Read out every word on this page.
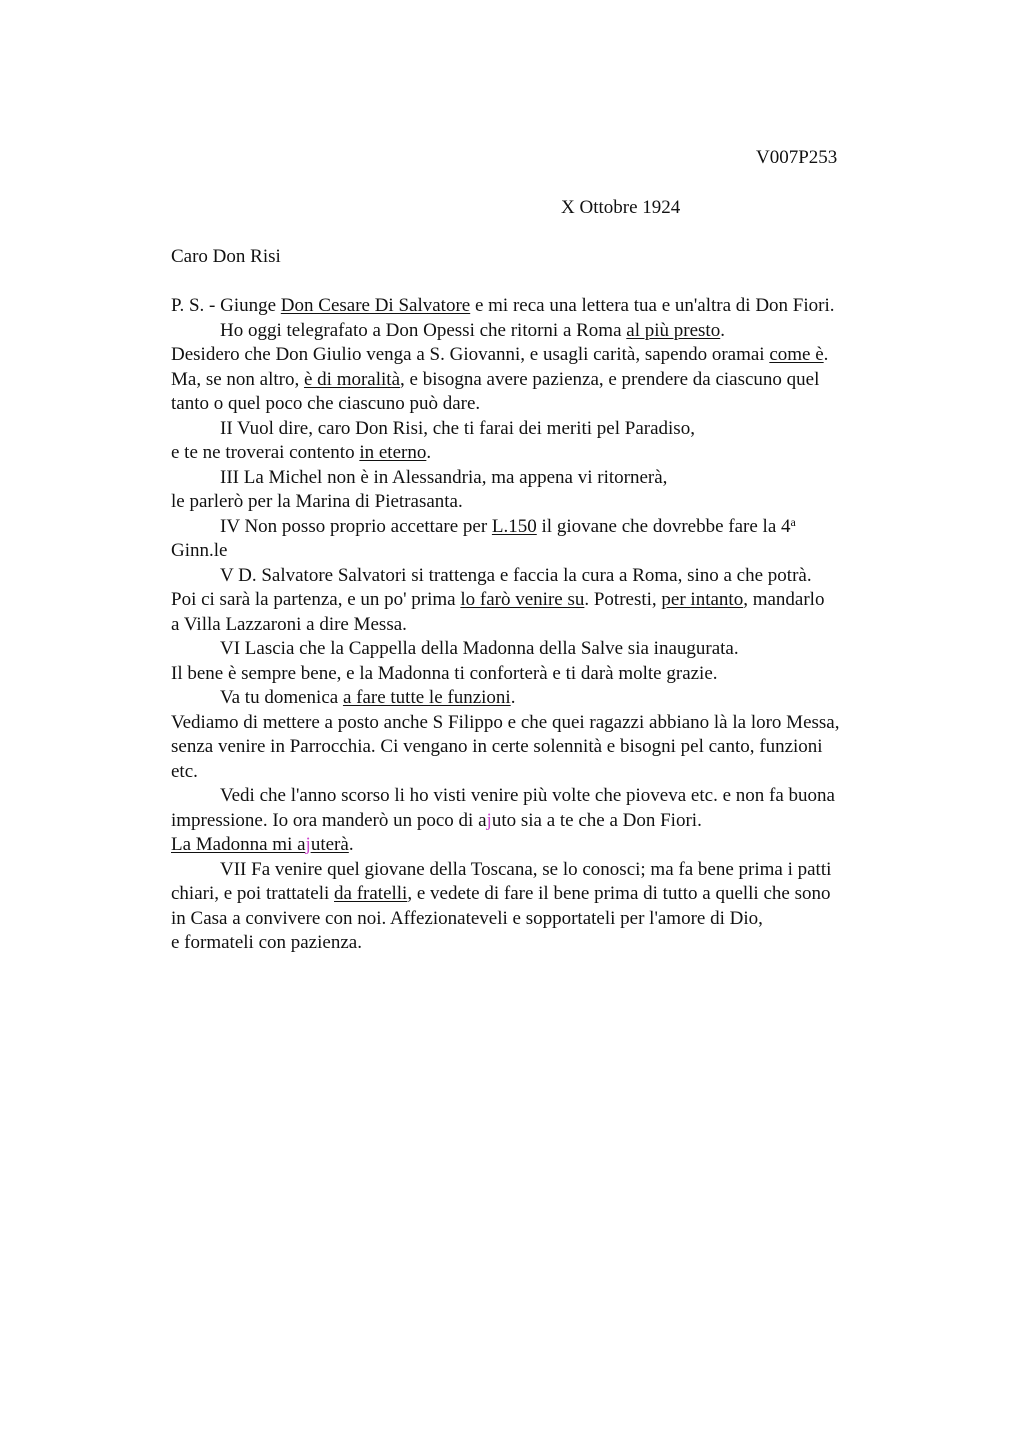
V007P253
X Ottobre 1924
Caro Don Risi
P. S. - Giunge Don Cesare Di Salvatore e mi reca una lettera tua e un'altra di Don Fiori.
Ho oggi telegrafato a Don Opessi che ritorni a Roma al più presto.
Desidero che Don Giulio venga a S. Giovanni, e usagli carità, sapendo oramai come è.
Ma, se non altro, è di moralità, e bisogna avere pazienza, e prendere da ciascuno quel
tanto o quel poco che ciascuno può dare.
II Vuol dire, caro Don Risi, che ti farai dei meriti pel Paradiso,
e te ne troverai contento in eterno.
III La Michel non è in Alessandria, ma appena vi ritornerà,
le parlerò per la Marina di Pietrasanta.
IV Non posso proprio accettare per L.150 il giovane che dovrebbe fare la 4$^a$
Ginn.le
V D. Salvatore Salvatori si trattenga e faccia la cura a Roma, sino a che potrà.
Poi ci sarà la partenza, e un po' prima lo farò venire su. Potresti, per intanto, mandarlo
a Villa Lazzaroni a dire Messa.
VI Lascia che la Cappella della Madonna della Salve sia inaugurata.
Il bene è sempre bene, e la Madonna ti conforterà e ti darà molte grazie.
Va tu domenica a fare tutte le funzioni.
Vediamo di mettere a posto anche S Filippo e che quei ragazzi abbiano là la loro Messa,
senza venire in Parrocchia. Ci vengano in certe solennità e bisogni pel canto, funzioni
etc.
Vedi che l'anno scorso li ho visti venire più volte che pioveva etc. e non fa buona
impressione. Io ora manderò un poco di ajuto sia a te che a Don Fiori.
La Madonna mi ajuterà.
VII Fa venire quel giovane della Toscana, se lo conosci; ma fa bene prima i patti
chiari, e poi trattateli da fratelli, e vedete di fare il bene prima di tutto a quelli che sono
in Casa a convivere con noi. Affezionateveli e sopportateli per l'amore di Dio,
e formateli con pazienza.
